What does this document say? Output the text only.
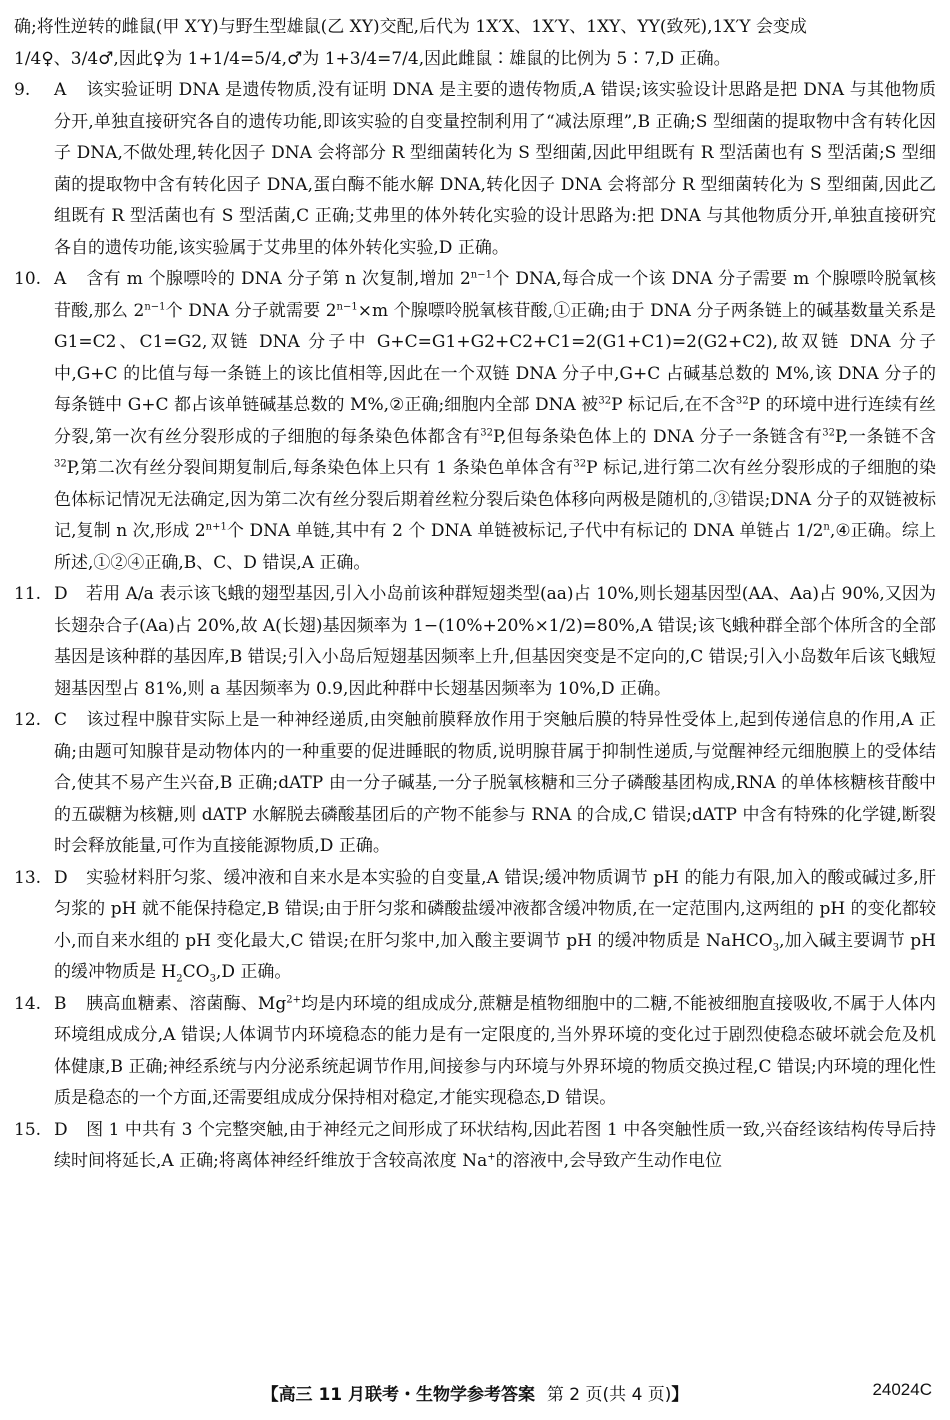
确;将性逆转的雌鼠(甲 X′Y)与野生型雄鼠(乙 XY)交配,后代为 1X′X、1X′Y、1XY、YY(致死),1X′Y 会变成
1/4♀、3/4♂,因此♀为 1+1/4=5/4,♂为 1+3/4=7/4,因此雌鼠∶雄鼠的比例为 5∶7,D 正确。
9. A 该实验证明 DNA 是遗传物质,没有证明 DNA 是主要的遗传物质,A 错误;该实验设计思路是把 DNA 与其他物质分开,单独直接研究各自的遗传功能,即该实验的自变量控制利用了“减法原理”,B 正确;S 型细菌的提取物中含有转化因子 DNA,不做处理,转化因子 DNA 会将部分 R 型细菌转化为 S 型细菌,因此甲组既有 R 型活菌也有 S 型活菌;S 型细菌的提取物中含有转化因子 DNA,蛋白酶不能水解 DNA,转化因子 DNA 会将部分 R 型细菌转化为 S 型细菌,因此乙组既有 R 型活菌也有 S 型活菌,C 正确;艾弗里的体外转化实验的设计思路为:把 DNA 与其他物质分开,单独直接研究各自的遗传功能,该实验属于艾弗里的体外转化实验,D 正确。
10. A 含有 m 个腺嘌呤的 DNA 分子第 n 次复制,增加 $2^{n-1}$个 DNA,每合成一个该 DNA 分子需要 m 个腺嘌呤脱氧核苷酸,那么 $2^{n-1}$个 DNA 分子就需要 $2^{n-1}\times m$ 个腺嘌呤脱氧核苷酸,①正确;由于 DNA 分子两条链上的碱基数量关系是 G1=C2、C1=G2,双链 DNA 分子中 G+C=G1+G2+C2+C1=2(G1+C1)=2(G2+C2),故双链 DNA 分子中,G+C 的比值与每一条链上的该比值相等,因此在一个双链 DNA 分子中,G+C 占碱基总数的 M%,该 DNA 分子的每条链中 G+C 都占该单链碱基总数的 M%,②正确;细胞内全部 DNA 被$^{32}$P 标记后,在不含$^{32}$P 的环境中进行连续有丝分裂,第一次有丝分裂形成的子细胞的每条染色体都含有$^{32}$P,但每条染色体上的 DNA 分子一条链含有$^{32}$P,一条链不含$^{32}$P,第二次有丝分裂间期复制后,每条染色体上只有 1 条染色单体含有$^{32}$P 标记,进行第二次有丝分裂形成的子细胞的染色体标记情况无法确定,因为第二次有丝分裂后期着丝粒分裂后染色体移向两极是随机的,③错误;DNA 分子的双链被标记,复制 n 次,形成 $2^{n+1}$个 DNA 单链,其中有 2 个 DNA 单链被标记,子代中有标记的 DNA 单链占 1/2$^n$,④正确。综上所述,①②④正确,B、C、D 错误,A 正确。
11. D 若用 A/a 表示该飞蛾的翅型基因,引入小岛前该种群短翅类型(aa)占 10%,则长翅基因型(AA、Aa)占 90%,又因为长翅杂合子(Aa)占 20%,故 A(长翅)基因频率为 1−(10%+20%×1/2)=80%,A 错误;该飞蛾种群全部个体所含的全部基因是该种群的基因库,B 错误;引入小岛后短翅基因频率上升,但基因突变是不定向的,C 错误;引入小岛数年后该飞蛾短翅基因型占 81%,则 a 基因频率为 0.9,因此种群中长翅基因频率为 10%,D 正确。
12. C 该过程中腺苷实际上是一种神经递质,由突触前膜释放作用于突触后膜的特异性受体上,起到传递信息的作用,A 正确;由题可知腺苷是动物体内的一种重要的促进睡眠的物质,说明腺苷属于抑制性递质,与觉醒神经元细胞膜上的受体结合,使其不易产生兴奋,B 正确;dATP 由一分子碱基,一分子脱氧核糖和三分子磷酸基团构成,RNA 的单体核糖核苷酸中的五碳糖为核糖,则 dATP 水解脱去磷酸基团后的产物不能参与 RNA 的合成,C 错误;dATP 中含有特殊的化学键,断裂时会释放能量,可作为直接能源物质,D 正确。
13. D 实验材料肝匀浆、缓冲液和自来水是本实验的自变量,A 错误;缓冲物质调节 pH 的能力有限,加入的酸或碱过多,肝匀浆的 pH 就不能保持稳定,B 错误;由于肝匀浆和磷酸盐缓冲液都含缓冲物质,在一定范围内,这两组的 pH 的变化都较小,而自来水组的 pH 变化最大,C 错误;在肝匀浆中,加入酸主要调节 pH 的缓冲物质是 NaHCO$_3$,加入碱主要调节 pH 的缓冲物质是 $H_2CO_3,D$ 正确。
14. B 胰高血糖素、溶菌酶、$Mg^{2+}$均是内环境的组成成分,蔗糖是植物细胞中的二糖,不能被细胞直接吸收,不属于人体内环境组成成分,A 错误;人体调节内环境稳态的能力是有一定限度的,当外界环境的变化过于剧烈使稳态破坏就会危及机体健康,B 正确;神经系统与内分泌系统起调节作用,间接参与内环境与外界环境的物质交换过程,C 错误;内环境的理化性质是稳态的一个方面,还需要组成成分保持相对稳定,才能实现稳态,D 错误。
15. D 图 1 中共有 3 个完整突触,由于神经元之间形成了环状结构,因此若图 1 中各突触性质一致,兴奋经该结构传导后持续时间将延长,A 正确;将离体神经纤维放于含较高浓度 Na+的溶液中,会导致产生动作电位
【高三 11 月联考・生物学参考答案 第 2 页(共 4 页)】	24024C
